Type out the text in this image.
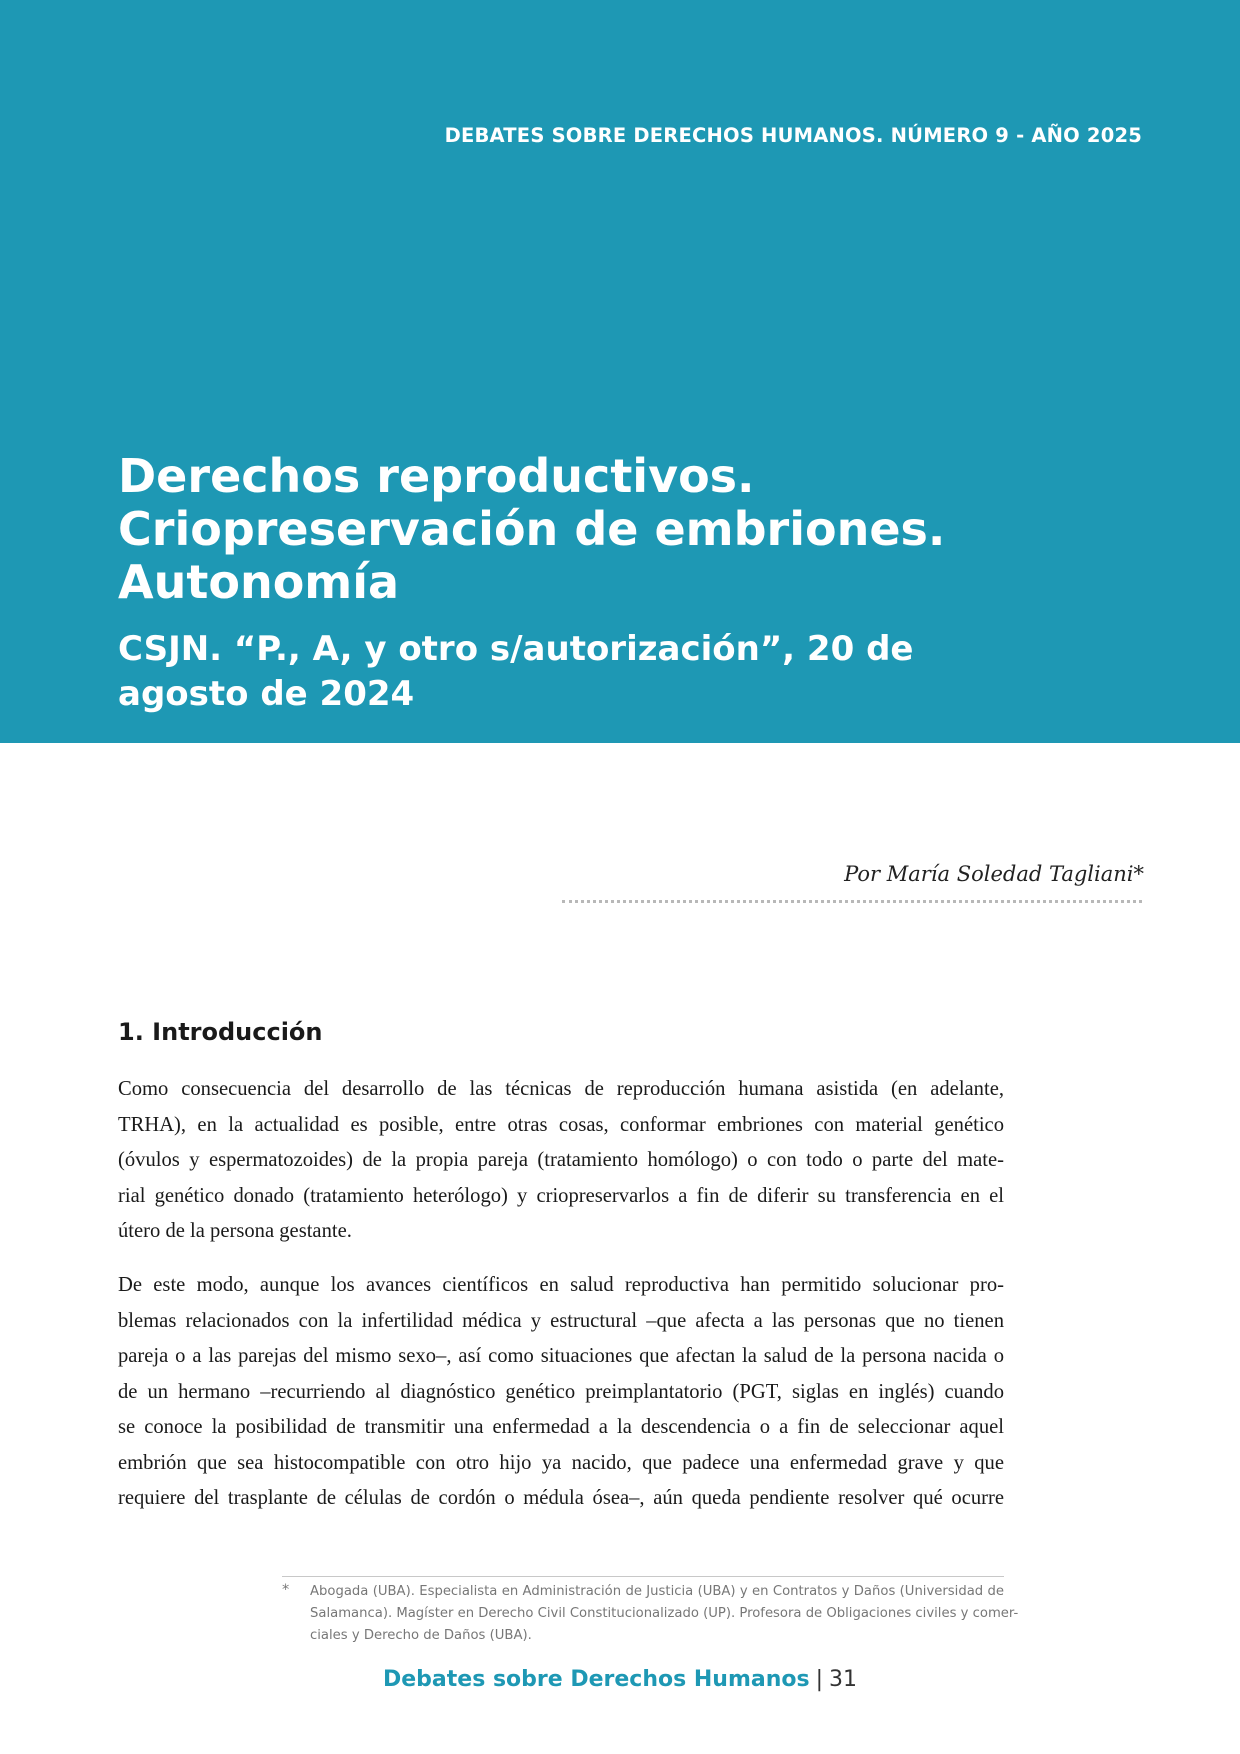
DEBATES SOBRE DERECHOS HUMANOS. NÚMERO 9 - AÑO 2025
Derechos reproductivos.
Criopreservación de embriones.
Autonomía
CSJN. “P., A, y otro s/autorización”, 20 de
agosto de 2024
Por María Soledad Tagliani*
1. Introducción
Como consecuencia del desarrollo de las técnicas de reproducción humana asistida (en adelante,
TRHA), en la actualidad es posible, entre otras cosas, conformar embriones con material genético
(óvulos y espermatozoides) de la propia pareja (tratamiento homólogo) o con todo o parte del mate-
rial genético donado (tratamiento heterólogo) y criopreservarlos a fin de diferir su transferencia en el
útero de la persona gestante.
De este modo, aunque los avances científicos en salud reproductiva han permitido solucionar pro-
blemas relacionados con la infertilidad médica y estructural –que afecta a las personas que no tienen
pareja o a las parejas del mismo sexo–, así como situaciones que afectan la salud de la persona nacida o
de un hermano –recurriendo al diagnóstico genético preimplantatorio (PGT, siglas en inglés) cuando
se conoce la posibilidad de transmitir una enfermedad a la descendencia o a fin de seleccionar aquel
embrión que sea histocompatible con otro hijo ya nacido, que padece una enfermedad grave y que
requiere del trasplante de células de cordón o médula ósea–, aún queda pendiente resolver qué ocurre
* Abogada (UBA). Especialista en Administración de Justicia (UBA) y en Contratos y Daños (Universidad de
Salamanca). Magíster en Derecho Civil Constitucionalizado (UP). Profesora de Obligaciones civiles y comer-
ciales y Derecho de Daños (UBA).
Debates sobre Derechos Humanos | 31
